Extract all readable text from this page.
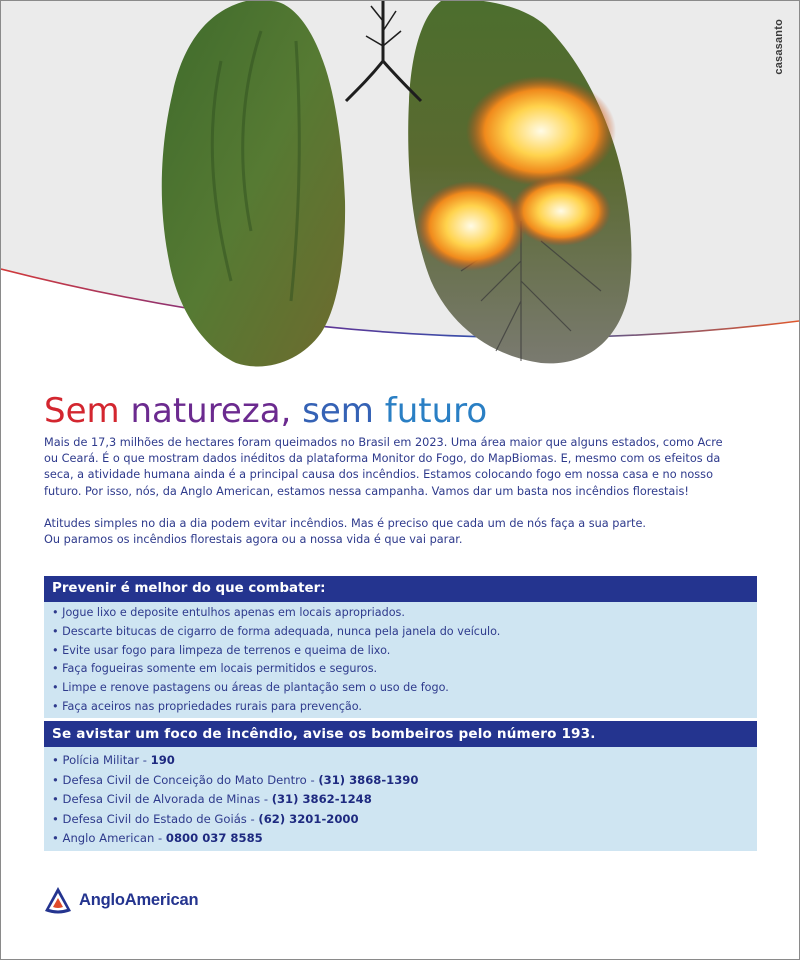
casasanto
Sem natureza, sem futuro

Mais de 17,3 milhões de hectares foram queimados no Brasil em 2023. Uma área maior que alguns estados, como Acre ou Ceará. É o que mostram dados inéditos da plataforma Monitor do Fogo, do MapBiomas. E, mesmo com os efeitos da seca, a atividade humana ainda é a principal causa dos incêndios. Estamos colocando fogo em nossa casa e no nosso futuro. Por isso, nós, da Anglo American, estamos nessa campanha. Vamos dar um basta nos incêndios florestais!

Atitudes simples no dia a dia podem evitar incêndios. Mas é preciso que cada um de nós faça a sua parte.

Ou paramos os incêndios florestais agora ou a nossa vida é que vai parar.

Prevenir é melhor do que combater:
• Jogue lixo e deposite entulhos apenas em locais apropriados.
• Descarte bitucas de cigarro de forma adequada, nunca pela janela do veículo.
• Evite usar fogo para limpeza de terrenos e queima de lixo.
• Faça fogueiras somente em locais permitidos e seguros.
• Limpe e renove pastagens ou áreas de plantação sem o uso de fogo.
• Faça aceiros nas propriedades rurais para prevenção.
Se avistar um foco de incêndio, avise os bombeiros pelo número 193.
• Polícia Militar - 190
• Defesa Civil de Conceição do Mato Dentro - (31) 3868-1390
• Defesa Civil de Alvorada de Minas - (31) 3862-1248
• Defesa Civil do Estado de Goiás - (62) 3201-2000
• Anglo American - 0800 037 8585
AngloAmerican
